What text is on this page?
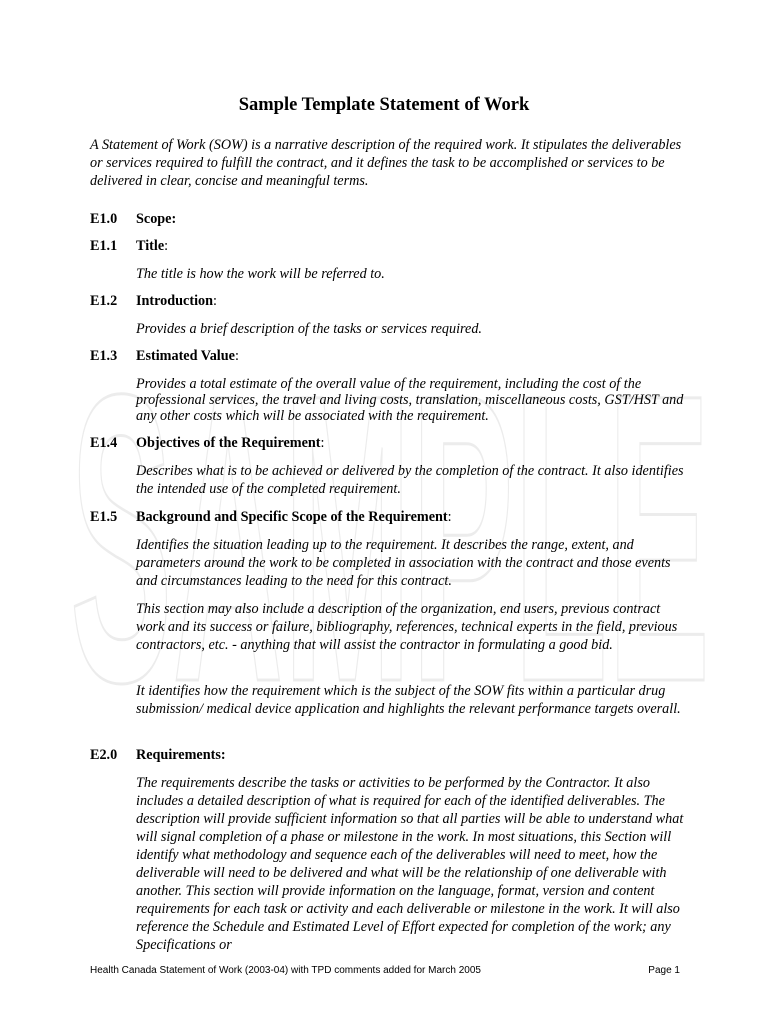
SAMPLE
Sample Template Statement of Work
A Statement of Work (SOW) is a narrative description of the required work. It stipulates the deliverables or services required to fulfill the contract, and it defines the task to be accomplished or services to be delivered in clear, concise and meaningful terms.
E1.0 Scope:
E1.1 Title:
The title is how the work will be referred to.
E1.2 Introduction:
Provides a brief description of the tasks or services required.
E1.3 Estimated Value:
Provides a total estimate of the overall value of the requirement, including the cost of the professional services, the travel and living costs, translation, miscellaneous costs, GST/HST and any other costs which will be associated with the requirement.
E1.4 Objectives of the Requirement:
Describes what is to be achieved or delivered by the completion of the contract. It also identifies the intended use of the completed requirement.
E1.5 Background and Specific Scope of the Requirement:
Identifies the situation leading up to the requirement. It describes the range, extent, and parameters around the work to be completed in association with the contract and those events and circumstances leading to the need for this contract.
This section may also include a description of the organization, end users, previous contract work and its success or failure, bibliography, references, technical experts in the field, previous contractors, etc. - anything that will assist the contractor in formulating a good bid.
It identifies how the requirement which is the subject of the SOW fits within a particular drug submission/ medical device application and highlights the relevant performance targets overall.
E2.0 Requirements:
The requirements describe the tasks or activities to be performed by the Contractor. It also includes a detailed description of what is required for each of the identified deliverables. The description will provide sufficient information so that all parties will be able to understand what will signal completion of a phase or milestone in the work. In most situations, this Section will identify what methodology and sequence each of the deliverables will need to meet, how the deliverable will need to be delivered and what will be the relationship of one deliverable with another. This section will provide information on the language, format, version and content requirements for each task or activity and each deliverable or milestone in the work. It will also reference the Schedule and Estimated Level of Effort expected for completion of the work; any Specifications or
Health Canada Statement of Work (2003-04) with TPD comments added for March 2005	Page 1
